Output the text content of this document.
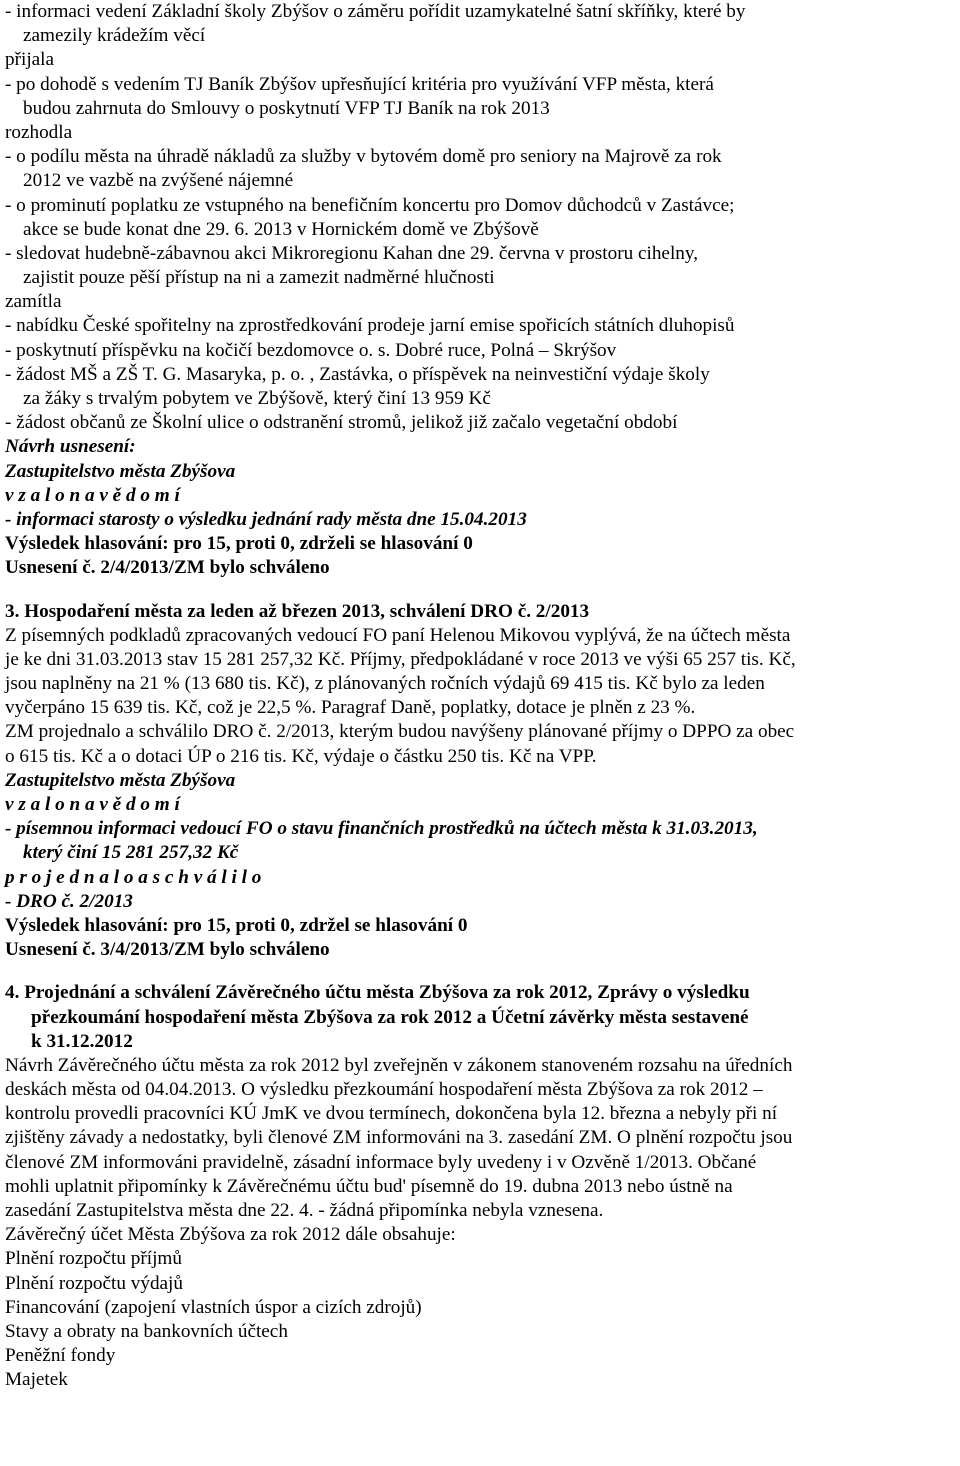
- informaci vedení Základní školy Zbýšov o záměru pořídit uzamykatelné šatní skříňky, které by
zamezily krádežím věcí
přijala
- po dohodě s vedením TJ Baník Zbýšov upřesňující kritéria pro využívání VFP města, která
budou zahrnuta do Smlouvy o poskytnutí VFP TJ Baník na rok 2013
rozhodla
- o podílu města na úhradě nákladů za služby v bytovém domě pro seniory na Majrově za rok
2012 ve vazbě na zvýšené nájemné
- o prominutí poplatku ze vstupného na benefičním koncertu pro Domov důchodců v Zastávce;
akce se bude konat dne 29. 6. 2013 v Hornickém domě ve Zbýšově
- sledovat hudebně-zábavnou akci Mikroregionu Kahan dne 29. června v prostoru cihelny,
zajistit pouze pěší přístup na ni a zamezit nadměrné hlučnosti
zamítla
- nabídku České spořitelny na zprostředkování prodeje jarní emise spořicích státních dluhopisů
- poskytnutí příspěvku na kočičí bezdomovce o. s. Dobré ruce, Polná – Skrýšov
- žádost MŠ a ZŠ T. G. Masaryka, p. o. , Zastávka, o příspěvek na neinvestiční výdaje školy
za žáky s trvalým pobytem ve Zbýšově, který činí 13 959 Kč
- žádost občanů ze Školní ulice o odstranění stromů, jelikož již začalo vegetační období
Návrh usnesení:
Zastupitelstvo města Zbýšova
v z a l o n a v ě d o m í
- informaci starosty o výsledku jednání rady města dne 15.04.2013
Výsledek hlasování: pro 15, proti 0, zdrželi se hlasování 0
Usnesení č. 2/4/2013/ZM bylo schváleno
3. Hospodaření města za leden až březen 2013, schválení DRO č. 2/2013
Z písemných podkladů zpracovaných vedoucí FO paní Helenou Mikovou vyplývá, že na účtech města
je ke dni 31.03.2013 stav 15 281 257,32 Kč. Příjmy, předpokládané v roce 2013 ve výši 65 257 tis. Kč,
jsou naplněny na 21 % (13 680 tis. Kč), z plánovaných ročních výdajů 69 415 tis. Kč bylo za leden
vyčerpáno 15 639 tis. Kč, což je 22,5 %. Paragraf Daně, poplatky, dotace je plněn z 23 %.
ZM projednalo a schválilo DRO č. 2/2013, kterým budou navýšeny plánované příjmy o DPPO za obec
o 615 tis. Kč a o dotaci ÚP o 216 tis. Kč, výdaje o částku 250 tis. Kč na VPP.
Zastupitelstvo města Zbýšova
v z a l o n a v ě d o m í
- písemnou informaci vedoucí FO o stavu finančních prostředků na účtech města k 31.03.2013,
který činí 15 281 257,32 Kč
p r o j e d n a l o a s c h v á l i l o
- DRO č. 2/2013
Výsledek hlasování: pro 15, proti 0, zdržel se hlasování 0
Usnesení č. 3/4/2013/ZM bylo schváleno
4. Projednání a schválení Závěrečného účtu města Zbýšova za rok 2012, Zprávy o výsledku
přezkoumání hospodaření města Zbýšova za rok 2012 a Účetní závěrky města sestavené
k 31.12.2012
Návrh Závěrečného účtu města za rok 2012 byl zveřejněn v zákonem stanoveném rozsahu na úředních
deskách města od 04.04.2013. O výsledku přezkoumání hospodaření města Zbýšova za rok 2012 –
kontrolu provedli pracovníci KÚ JmK ve dvou termínech, dokončena byla 12. března a nebyly při ní
zjištěny závady a nedostatky, byli členové ZM informováni na 3. zasedání ZM. O plnění rozpočtu jsou
členové ZM informováni pravidelně, zásadní informace byly uvedeny i v Ozvěně 1/2013. Občané
mohli uplatnit připomínky k Závěrečnému účtu bud' písemně do 19. dubna 2013 nebo ústně na
zasedání Zastupitelstva města dne 22. 4. - žádná připomínka nebyla vznesena.
Závěrečný účet Města Zbýšova za rok 2012 dále obsahuje:
Plnění rozpočtu příjmů
Plnění rozpočtu výdajů
Financování (zapojení vlastních úspor a cizích zdrojů)
Stavy a obraty na bankovních účtech
Peněžní fondy
Majetek
